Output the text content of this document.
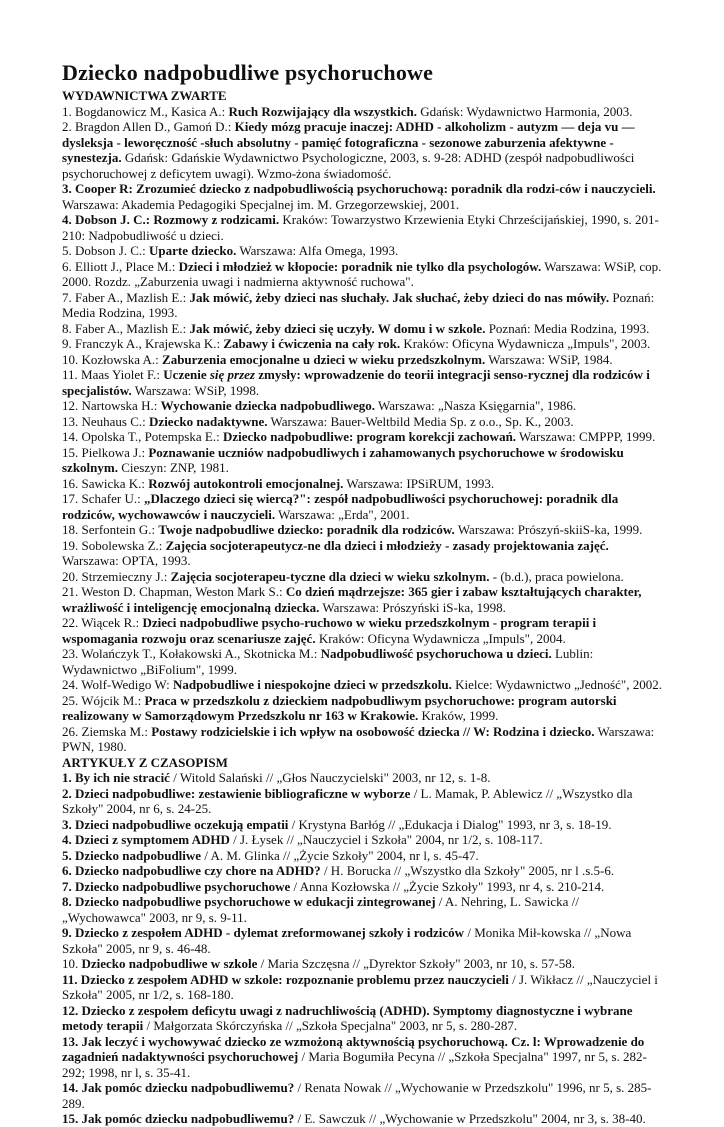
Dziecko nadpobudliwe psychoruchowe

WYDAWNICTWA ZWARTE

1. Bogdanowicz M., Kasica A.: Ruch Rozwijający dla wszystkich. Gdańsk: Wydawnictwo Harmonia, 2003.

2. Bragdon Allen D., Gamoń D.: Kiedy mózg pracuje inaczej: ADHD - alkoholizm - autyzm — deja vu — dysleksja - leworęczność -słuch absolutny - pamięć fotograficzna - sezonowe zaburzenia afektywne - synestezja. Gdańsk: Gdańskie Wydawnictwo Psychologiczne, 2003, s. 9-28: ADHD (zespół nadpobudliwości psychoruchowej z deficytem uwagi). Wzmo-żona świadomość.

3. Cooper R: Zrozumieć dziecko z nadpobudliwością psychoruchową: poradnik dla rodzi-ców i nauczycieli. Warszawa: Akademia Pedagogiki Specjalnej im. M. Grzegorzewskiej, 2001.

4. Dobson J. C.: Rozmowy z rodzicami. Kraków: Towarzystwo Krzewienia Etyki Chrześcijańskiej, 1990, s. 201-210: Nadpobudliwość u dzieci.

5. Dobson J. C.: Uparte dziecko. Warszawa: Alfa Omega, 1993.

6. Elliott J., Place M.: Dzieci i młodzież w kłopocie: poradnik nie tylko dla psychologów. Warszawa: WSiP, cop. 2000. Rozdz. „Zaburzenia uwagi i nadmierna aktywność ruchowa".

7. Faber A., Mazlish E.: Jak mówić, żeby dzieci nas słuchały. Jak słuchać, żeby dzieci do nas mówiły. Poznań: Media Rodzina, 1993.

8. Faber A., Mazlish E.: Jak mówić, żeby dzieci się uczyły. W domu i w szkole. Poznań: Media Rodzina, 1993.

9. Franczyk A., Krajewska K.: Zabawy i ćwiczenia na cały rok. Kraków: Oficyna Wydawnicza „Impuls", 2003.

10. Kozłowska A.: Zaburzenia emocjonalne u dzieci w wieku przedszkolnym. Warszawa: WSiP, 1984.

11. Maas Yiolet F.: Uczenie się przez zmysły: wprowadzenie do teorii integracji senso-rycznej dla rodziców i specjalistów. Warszawa: WSiP, 1998.

12. Nartowska H.: Wychowanie dziecka nadpobudliwego. Warszawa: „Nasza Księgarnia", 1986.

13. Neuhaus C.: Dziecko nadaktywne. Warszawa: Bauer-Weltbild Media Sp. z o.o., Sp. K., 2003.

14. Opolska T., Potempska E.: Dziecko nadpobudliwe: program korekcji zachowań. Warszawa: CMPPP, 1999.

15. Pielkowa J.: Poznawanie uczniów nadpobudliwych i zahamowanych psychoruchowe w środowisku szkolnym. Cieszyn: ZNP, 1981.

16. Sawicka K.: Rozwój autokontroli emocjonalnej. Warszawa: IPSiRUM, 1993.

17. Schafer U.: „Dlaczego dzieci się wiercą?": zespół nadpobudliwości psychoruchowej: poradnik dla rodziców, wychowawców i nauczycieli. Warszawa: „Erda", 2001.

18. Serfontein G.: Twoje nadpobudliwe dziecko: poradnik dla rodziców. Warszawa: Prószyń-skiiS-ka, 1999.

19. Sobolewska Z.: Zajęcia socjoterapeutycz-ne dla dzieci i młodzieży - zasady projektowania zajęć. Warszawa: OPTA, 1993.

20. Strzemieczny J.: Zajęcia socjoterapeu-tyczne dla dzieci w wieku szkolnym. - (b.d.), praca powielona.

21. Weston D. Chapman, Weston Mark S.: Co dzień mądrzejsze: 365 gier i zabaw kształtujących charakter, wrażliwość i inteligencję emocjonalną dziecka. Warszawa: Prószyński iS-ka, 1998.

22. Wiącek R.: Dzieci nadpobudliwe psycho-ruchowo w wieku przedszkolnym - program terapii i wspomagania rozwoju oraz scenariusze zajęć. Kraków: Oficyna Wydawnicza „Impuls", 2004.

23. Wolańczyk T., Kołakowski A., Skotnicka M.: Nadpobudliwość psychoruchowa u dzieci. Lublin: Wydawnictwo „BiFolium", 1999.

24. Wolf-Wedigo W: Nadpobudliwe i niespokojne dzieci w przedszkolu. Kielce: Wydawnictwo „Jedność", 2002.

25. Wójcik M.: Praca w przedszkolu z dzieckiem nadpobudliwym psychoruchowe: program autorski realizowany w Samorządowym Przedszkolu nr 163 w Krakowie. Kraków, 1999.

26. Ziemska M.: Postawy rodzicielskie i ich wpływ na osobowość dziecka // W: Rodzina i dziecko. Warszawa: PWN, 1980.

ARTYKUŁY Z CZASOPISM

1. By ich nie stracić / Witold Salański // „Głos Nauczycielski" 2003, nr 12, s. 1-8.

2. Dzieci nadpobudliwe: zestawienie bibliograficzne w wyborze / L. Mamak, P. Ablewicz // „Wszystko dla Szkoły" 2004, nr 6, s. 24-25.

3. Dzieci nadpobudliwe oczekują empatii / Krystyna Barłóg // „Edukacja i Dialog" 1993, nr 3, s. 18-19.

4. Dzieci z symptomem ADHD / J. Łysek // „Nauczyciel i Szkoła" 2004, nr 1/2, s. 108-117.

5. Dziecko nadpobudliwe / A. M. Glinka // „Życie Szkoły" 2004, nr l, s. 45-47.

6. Dziecko nadpobudliwe czy chore na ADHD? / H. Borucka // „Wszystko dla Szkoły" 2005, nr l .s.5-6.

7. Dziecko nadpobudliwe psychoruchowe / Anna Kozłowska // „Życie Szkoły" 1993, nr 4, s. 210-214.

8. Dziecko nadpobudliwe psychoruchowe w edukacji zintegrowanej / A. Nehring, L. Sawicka // „Wychowawca" 2003, nr 9, s. 9-11.

9. Dziecko z zespołem ADHD - dylemat zreformowanej szkoły i rodziców / Monika Mił-kowska // „Nowa Szkoła" 2005, nr 9, s. 46-48.

10. Dziecko nadpobudliwe w szkole / Maria Szczęsna // „Dyrektor Szkoły" 2003, nr 10, s. 57-58.

11. Dziecko z zespołem ADHD w szkole: rozpoznanie problemu przez nauczycieli / J. Wikłacz // „Nauczyciel i Szkoła" 2005, nr 1/2, s. 168-180.

12. Dziecko z zespołem deficytu uwagi z nadruchliwością (ADHD). Symptomy diagnostyczne i wybrane metody terapii / Małgorzata Skórczyńska // „Szkoła Specjalna" 2003, nr 5, s. 280-287.

13. Jak leczyć i wychowywać dziecko ze wzmożoną aktywnością psychoruchową. Cz. l: Wprowadzenie do zagadnień nadaktywności psychoruchowej / Maria Bogumiła Pecyna // „Szkoła Specjalna" 1997, nr 5, s. 282-292; 1998, nr l, s. 35-41.

14. Jak pomóc dziecku nadpobudliwemu? / Renata Nowak // „Wychowanie w Przedszkolu" 1996, nr 5, s. 285-289.

15. Jak pomóc dziecku nadpobudliwemu? / E. Sawczuk // „Wychowanie w Przedszkolu" 2004, nr 3, s. 38-40.
